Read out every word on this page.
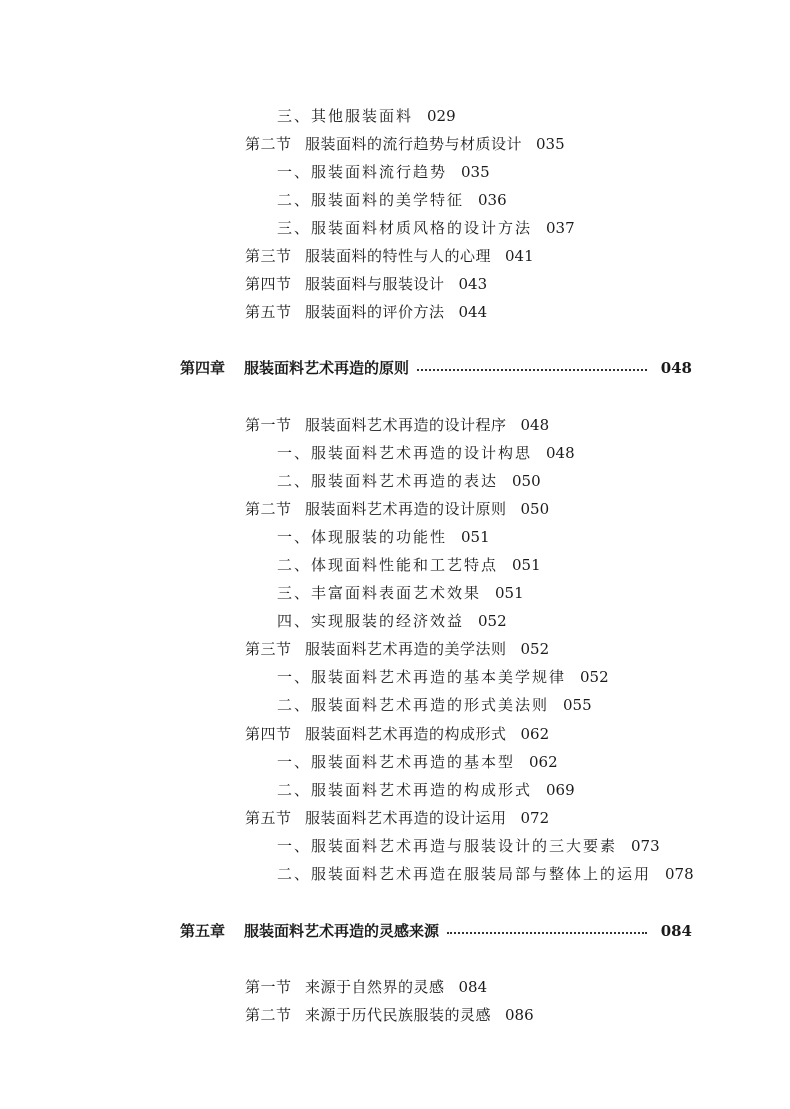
三、其他服装面料 029
第二节 服装面料的流行趋势与材质设计 035
一、服装面料流行趋势 035
二、服装面料的美学特征 036
三、服装面料材质风格的设计方法 037
第三节 服装面料的特性与人的心理 041
第四节 服装面料与服装设计 043
第五节 服装面料的评价方法 044
第四章	服装面料艺术再造的原则	048
第一节 服装面料艺术再造的设计程序 048
一、服装面料艺术再造的设计构思 048
二、服装面料艺术再造的表达 050
第二节 服装面料艺术再造的设计原则 050
一、体现服装的功能性 051
二、体现面料性能和工艺特点 051
三、丰富面料表面艺术效果 051
四、实现服装的经济效益 052
第三节 服装面料艺术再造的美学法则 052
一、服装面料艺术再造的基本美学规律 052
二、服装面料艺术再造的形式美法则 055
第四节 服装面料艺术再造的构成形式 062
一、服装面料艺术再造的基本型 062
二、服装面料艺术再造的构成形式 069
第五节 服装面料艺术再造的设计运用 072
一、服装面料艺术再造与服装设计的三大要素 073
二、服装面料艺术再造在服装局部与整体上的运用 078
第五章	服装面料艺术再造的灵感来源	084
第一节 来源于自然界的灵感 084
第二节 来源于历代民族服装的灵感 086
